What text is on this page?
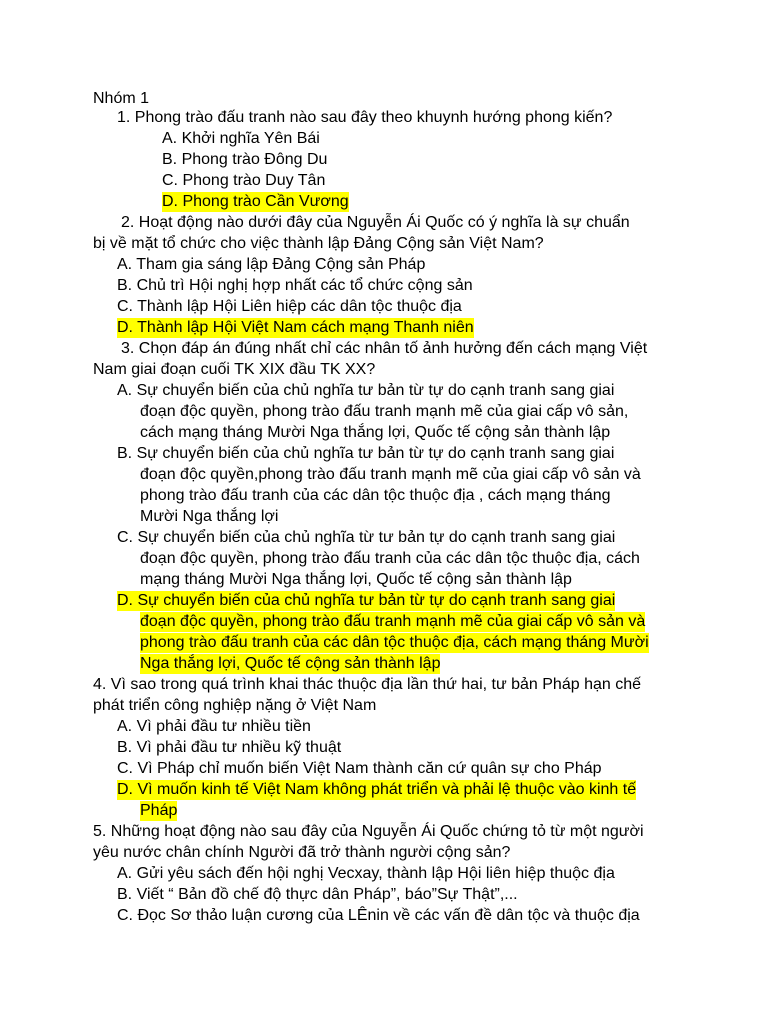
Nhóm 1
1. Phong trào đấu tranh nào sau đây theo khuynh hướng phong kiến?
A. Khởi nghĩa Yên Bái
B. Phong trào Đông Du
C. Phong trào Duy Tân
D. Phong trào Cần Vương
2. Hoạt động nào dưới đây của Nguyễn Ái Quốc có ý nghĩa là sự chuẩn
bị về mặt tổ chức cho việc thành lập Đảng Cộng sản Việt Nam?
A. Tham gia sáng lập Đảng Cộng sản Pháp
B. Chủ trì Hội nghị hợp nhất các tổ chức cộng sản
C. Thành lập Hội Liên hiệp các dân tộc thuộc địa
D. Thành lập Hội Việt Nam cách mạng Thanh niên
3. Chọn đáp án đúng nhất chỉ các nhân tố ảnh hưởng đến cách mạng Việt
Nam giai đoạn cuối TK XIX đầu TK XX?
A. Sự chuyển biến của chủ nghĩa tư bản từ tự do cạnh tranh sang giai
đoạn độc quyền, phong trào đấu tranh mạnh mẽ của giai cấp vô sản,
cách mạng tháng Mười Nga thắng lợi, Quốc tế cộng sản thành lập
B. Sự chuyển biến của chủ nghĩa tư bản từ tự do cạnh tranh sang giai
đoạn độc quyền,phong trào đấu tranh mạnh mẽ của giai cấp vô sản và
phong trào đấu tranh của các dân tộc thuộc địa , cách mạng tháng
Mười Nga thắng lợi
C. Sự chuyển biến của chủ nghĩa từ tư bản tự do cạnh tranh sang giai
đoạn độc quyền, phong trào đấu tranh của các dân tộc thuộc địa, cách
mạng tháng Mười Nga thắng lợi, Quốc tế cộng sản thành lập
D. Sự chuyển biến của chủ nghĩa tư bản từ tự do cạnh tranh sang giai
đoạn độc quyền, phong trào đấu tranh mạnh mẽ của giai cấp vô sản và
phong trào đấu tranh của các dân tộc thuộc địa, cách mạng tháng Mười
Nga thắng lợi, Quốc tế cộng sản thành lập
4. Vì sao trong quá trình khai thác thuộc địa lần thứ hai, tư bản Pháp hạn chế
phát triển công nghiệp nặng ở Việt Nam
A. Vì phải đầu tư nhiều tiền
B. Vì phải đầu tư nhiều kỹ thuật
C. Vì Pháp chỉ muốn biến Việt Nam thành căn cứ quân sự cho Pháp
D. Vì muốn kinh tế Việt Nam không phát triển và phải lệ thuộc vào kinh tế
Pháp
5. Những hoạt động nào sau đây của Nguyễn Ái Quốc chứng tỏ từ một người
yêu nước chân chính Người đã trở thành người cộng sản?
A. Gửi yêu sách đến hội nghị Vecxay, thành lập Hội liên hiệp thuộc địa
B. Viết “ Bản đồ chế độ thực dân Pháp”, báo”Sự Thật”,...
C. Đọc Sơ thảo luận cương của LÊnin về các vấn đề dân tộc và thuộc địa
